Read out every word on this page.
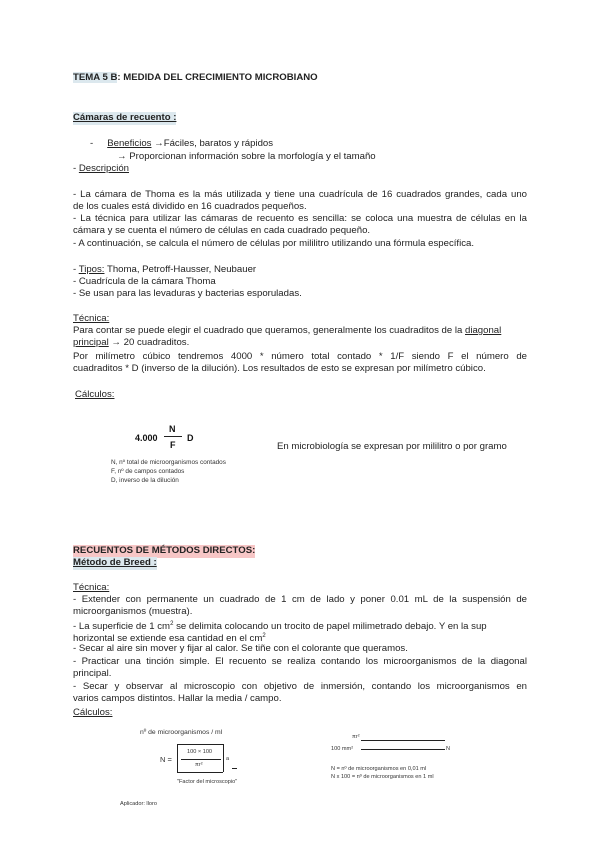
TEMA 5 B: MEDIDA DEL CRECIMIENTO MICROBIANO
Cámaras de recuento :
- Beneficios →Fáciles, baratos y rápidos
→ Proporcionan información sobre la morfología y el tamaño
- Descripción
- La cámara de Thoma es la más utilizada y tiene una cuadrícula de 16 cuadrados grandes, cada uno
de los cuales está dividido en 16 cuadrados pequeños.
- La técnica para utilizar las cámaras de recuento es sencilla: se coloca una muestra de células en la
cámara y se cuenta el número de células en cada cuadrado pequeño.
- A continuación, se calcula el número de células por mililitro utilizando una fórmula específica.
- Tipos: Thoma, Petroff-Hausser, Neubauer
- Cuadrícula de la cámara Thoma
- Se usan para las levaduras y bacterias esporuladas.
Técnica:
Para contar se puede elegir el cuadrado que queramos, generalmente los cuadraditos de la diagonal
principal → 20 cuadraditos.
Por milímetro cúbico tendremos 4000 * número total contado * 1/F siendo F el número de
cuadraditos * D (inverso de la dilución). Los resultados de esto se expresan por milímetro cúbico.
Cálculos:
4.000
N
F
D
N, nº total de microorganismos contados
F, nº de campos contados
D, inverso de la dilución
En microbiología se expresan por mililitro o por gramo
RECUENTOS DE MÉTODOS DIRECTOS:
Método de Breed :
Técnica:
- Extender con permanente un cuadrado de 1 cm de lado y poner 0.01 mL de la suspensión de
microorganismos (muestra).
- La superficie de 1 $cm^2$ se delimita colocando un trocito de papel milimetrado debajo. Y en la sup
horizontal se extiende esa cantidad en el $cm^2$
- Secar al aire sin mover y fijar al calor. Se tiñe con el colorante que queramos.
- Practicar una tinción simple. El recuento se realiza contando los microorganismos de la diagonal
principal.
- Secar y observar al microscopio con objetivo de inmersión, contando los microorganismos en
varios campos distintos. Hallar la media / campo.
Cálculos:
nº de microorganismos / ml
N =
100 × 100
πr²
a
"Factor del microscopio"
Aplicador: lloro
πr²
100 mm²	N
N = nº de microorganismos en 0,01 ml
N x 100 = nº de microorganismos en 1 ml
